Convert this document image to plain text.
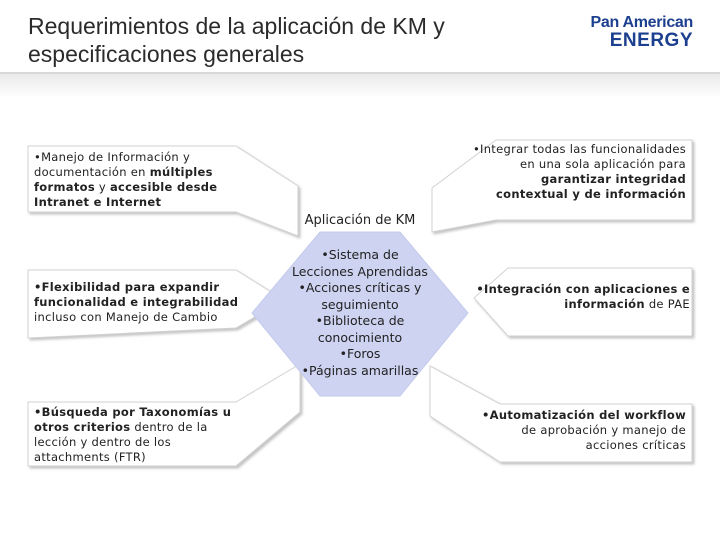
Requerimientos de la aplicación de KM y especificaciones generales
Pan American
ENERGY
Aplicación de KM
•Sistema de Lecciones Aprendidas
•Acciones críticas y seguimiento
•Biblioteca de conocimiento
•Foros
•Páginas amarillas
•Manejo de Información y documentación en múltiples formatos y accesible desde Intranet e Internet
•Flexibilidad para expandir funcionalidad e integrabilidad incluso con Manejo de Cambio
•Búsqueda por Taxonomías u otros criterios dentro de la lección y dentro de los attachments (FTR)
•Integrar todas las funcionalidades en una sola aplicación para garantizar integridad contextual y de información
•Integración con aplicaciones e información de PAE
•Automatización del workflow de aprobación y manejo de acciones críticas
